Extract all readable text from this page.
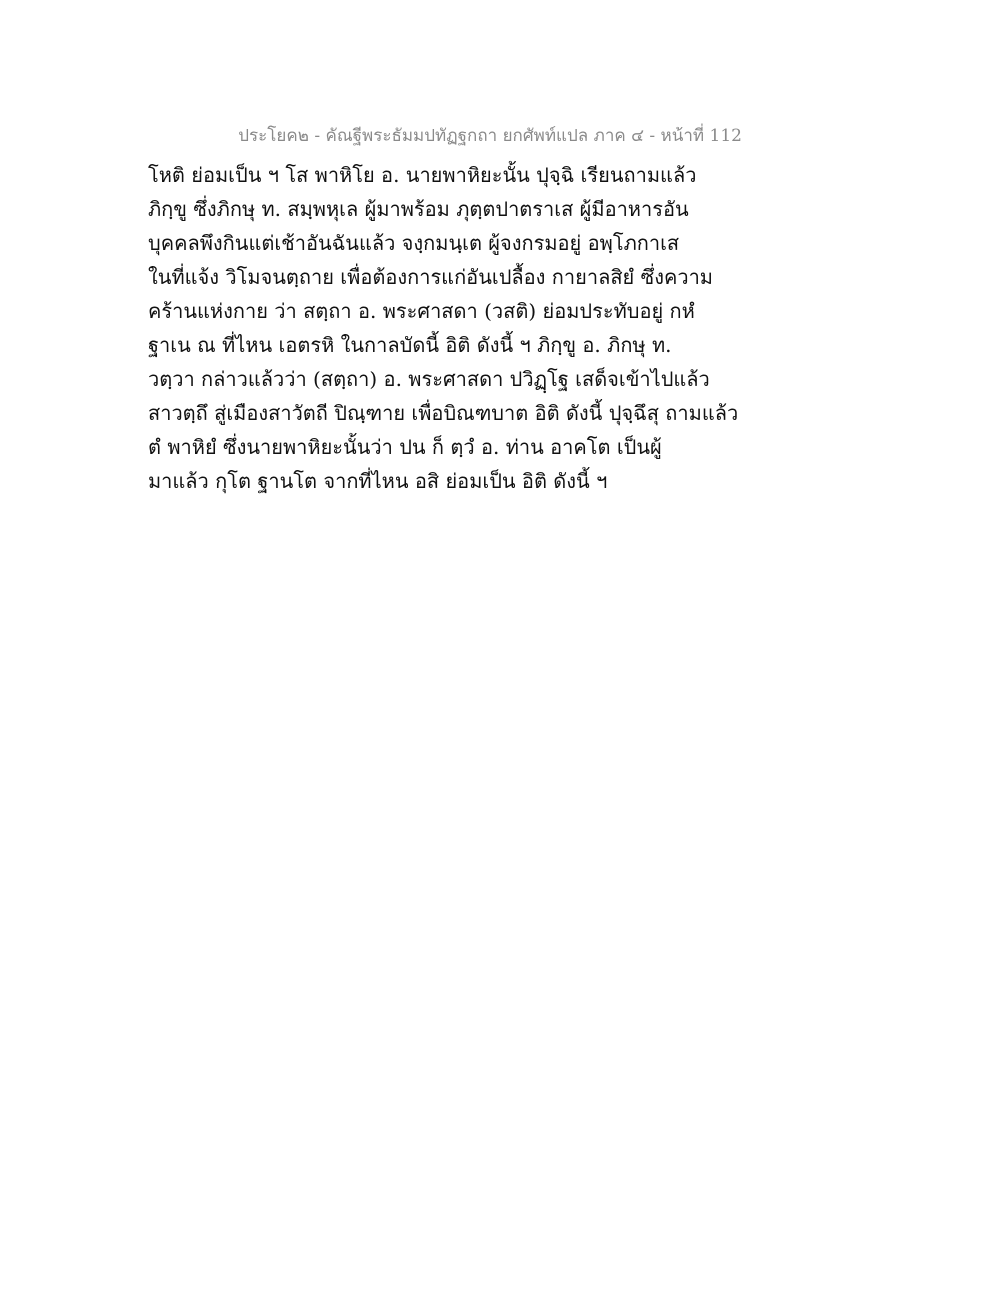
ประโยค๒ - คัณฐีพระธัมมปทัฏฐกถา ยกศัพท์แปล ภาค ๔ - หน้าที่ 112
โหติ ย่อมเป็น ฯ โส พาหิโย อ. นายพาหิยะนั้น ปุจฺฉิ เรียนถามแล้ว
ภิกฺขู ซึ่งภิกษุ ท. สมฺพหุเล ผู้มาพร้อม ภุตฺตปาตราเส ผู้มีอาหารอัน
บุคคลพึงกินแต่เช้าอันฉันแล้ว จงฺกมนฺเต ผู้จงกรมอยู่ อพฺโภกาเส
ในที่แจ้ง วิโมจนตฺถาย เพื่อต้องการแก่อันเปลื้อง กายาลสิยํ ซึ่งความ
คร้านแห่งกาย ว่า สตฺถา อ. พระศาสดา (วสติ) ย่อมประทับอยู่ กหํ
ฐาเน ณ ที่ไหน เอตรหิ ในกาลบัดนี้ อิติ ดังนี้ ฯ ภิกฺขู อ. ภิกษุ ท.
วตฺวา กล่าวแล้วว่า (สตฺถา) อ. พระศาสดา ปวิฏฺโฐ เสด็จเข้าไปแล้ว
สาวตฺถึ สู่เมืองสาวัตถี ปิณฺฑาย เพื่อบิณฑบาต อิติ ดังนี้ ปุจฺฉึสุ ถามแล้ว
ตํ พาหิยํ ซึ่งนายพาหิยะนั้นว่า ปน ก็ ตฺวํ อ. ท่าน อาคโต เป็นผู้
มาแล้ว กุโต ฐานโต จากที่ไหน อสิ ย่อมเป็น อิติ ดังนี้ ฯ
